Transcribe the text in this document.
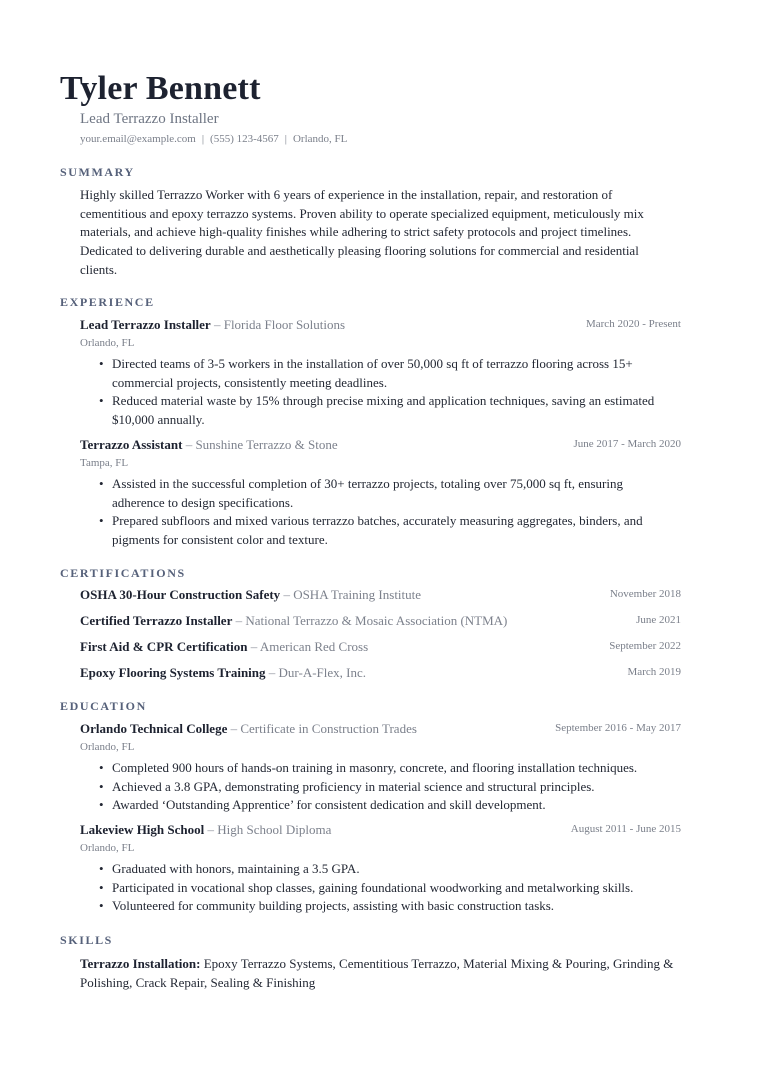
Tyler Bennett
Lead Terrazzo Installer
your.email@example.com | (555) 123-4567 | Orlando, FL
SUMMARY
Highly skilled Terrazzo Worker with 6 years of experience in the installation, repair, and restoration of cementitious and epoxy terrazzo systems. Proven ability to operate specialized equipment, meticulously mix materials, and achieve high-quality finishes while adhering to strict safety protocols and project timelines. Dedicated to delivering durable and aesthetically pleasing flooring solutions for commercial and residential clients.
EXPERIENCE
Lead Terrazzo Installer – Florida Floor Solutions	March 2020 - Present
Orlando, FL
• Directed teams of 3-5 workers in the installation of over 50,000 sq ft of terrazzo flooring across 15+ commercial projects, consistently meeting deadlines.
• Reduced material waste by 15% through precise mixing and application techniques, saving an estimated $10,000 annually.
Terrazzo Assistant – Sunshine Terrazzo & Stone	June 2017 - March 2020
Tampa, FL
• Assisted in the successful completion of 30+ terrazzo projects, totaling over 75,000 sq ft, ensuring adherence to design specifications.
• Prepared subfloors and mixed various terrazzo batches, accurately measuring aggregates, binders, and pigments for consistent color and texture.
CERTIFICATIONS
OSHA 30-Hour Construction Safety – OSHA Training Institute	November 2018
Certified Terrazzo Installer – National Terrazzo & Mosaic Association (NTMA)	June 2021
First Aid & CPR Certification – American Red Cross	September 2022
Epoxy Flooring Systems Training – Dur-A-Flex, Inc.	March 2019
EDUCATION
Orlando Technical College – Certificate in Construction Trades	September 2016 - May 2017
Orlando, FL
• Completed 900 hours of hands-on training in masonry, concrete, and flooring installation techniques.
• Achieved a 3.8 GPA, demonstrating proficiency in material science and structural principles.
• Awarded ‘Outstanding Apprentice’ for consistent dedication and skill development.
Lakeview High School – High School Diploma	August 2011 - June 2015
Orlando, FL
• Graduated with honors, maintaining a 3.5 GPA.
• Participated in vocational shop classes, gaining foundational woodworking and metalworking skills.
• Volunteered for community building projects, assisting with basic construction tasks.
SKILLS
Terrazzo Installation: Epoxy Terrazzo Systems, Cementitious Terrazzo, Material Mixing & Pouring, Grinding & Polishing, Crack Repair, Sealing & Finishing
